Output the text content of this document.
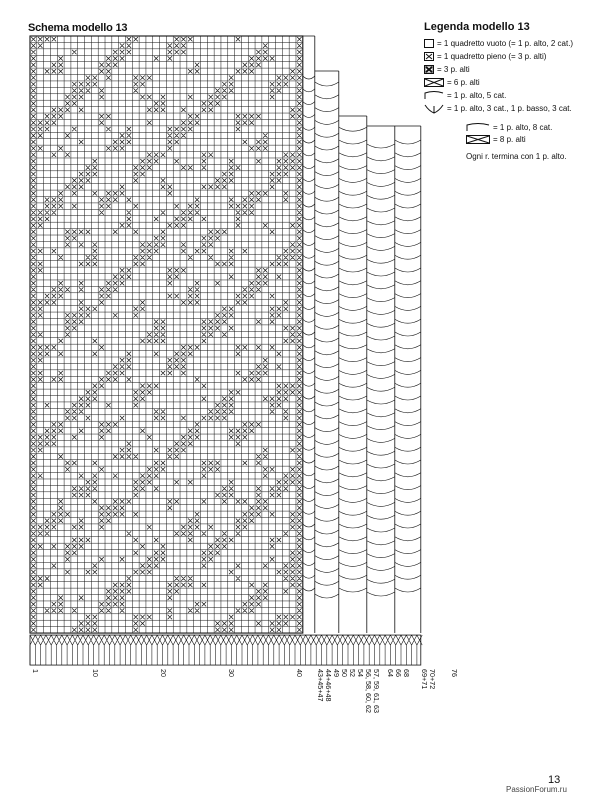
1	10	20	30	40 43+45+47 44+46+48 49 50 52 54 56, 58, 60, 62 57, 59, 61, 63 64 66 68 69+71 70+72 76
Schema modello 13	Legenda modello 13
= 1 quadretto vuoto (= 1 p. alto, 2 cat.)
= 1 quadretto pieno (= 3 p. alti)
= 3 p. alti
= 6 p. alti
= 1 p. alto, 5 cat.
= 1 p. alto, 3 cat., 1 p. basso, 3 cat.
= 1 p. alto, 8 cat.
= 8 p. alti
Ogni r. termina con 1 p. alto.
13
PassionForum.ru
